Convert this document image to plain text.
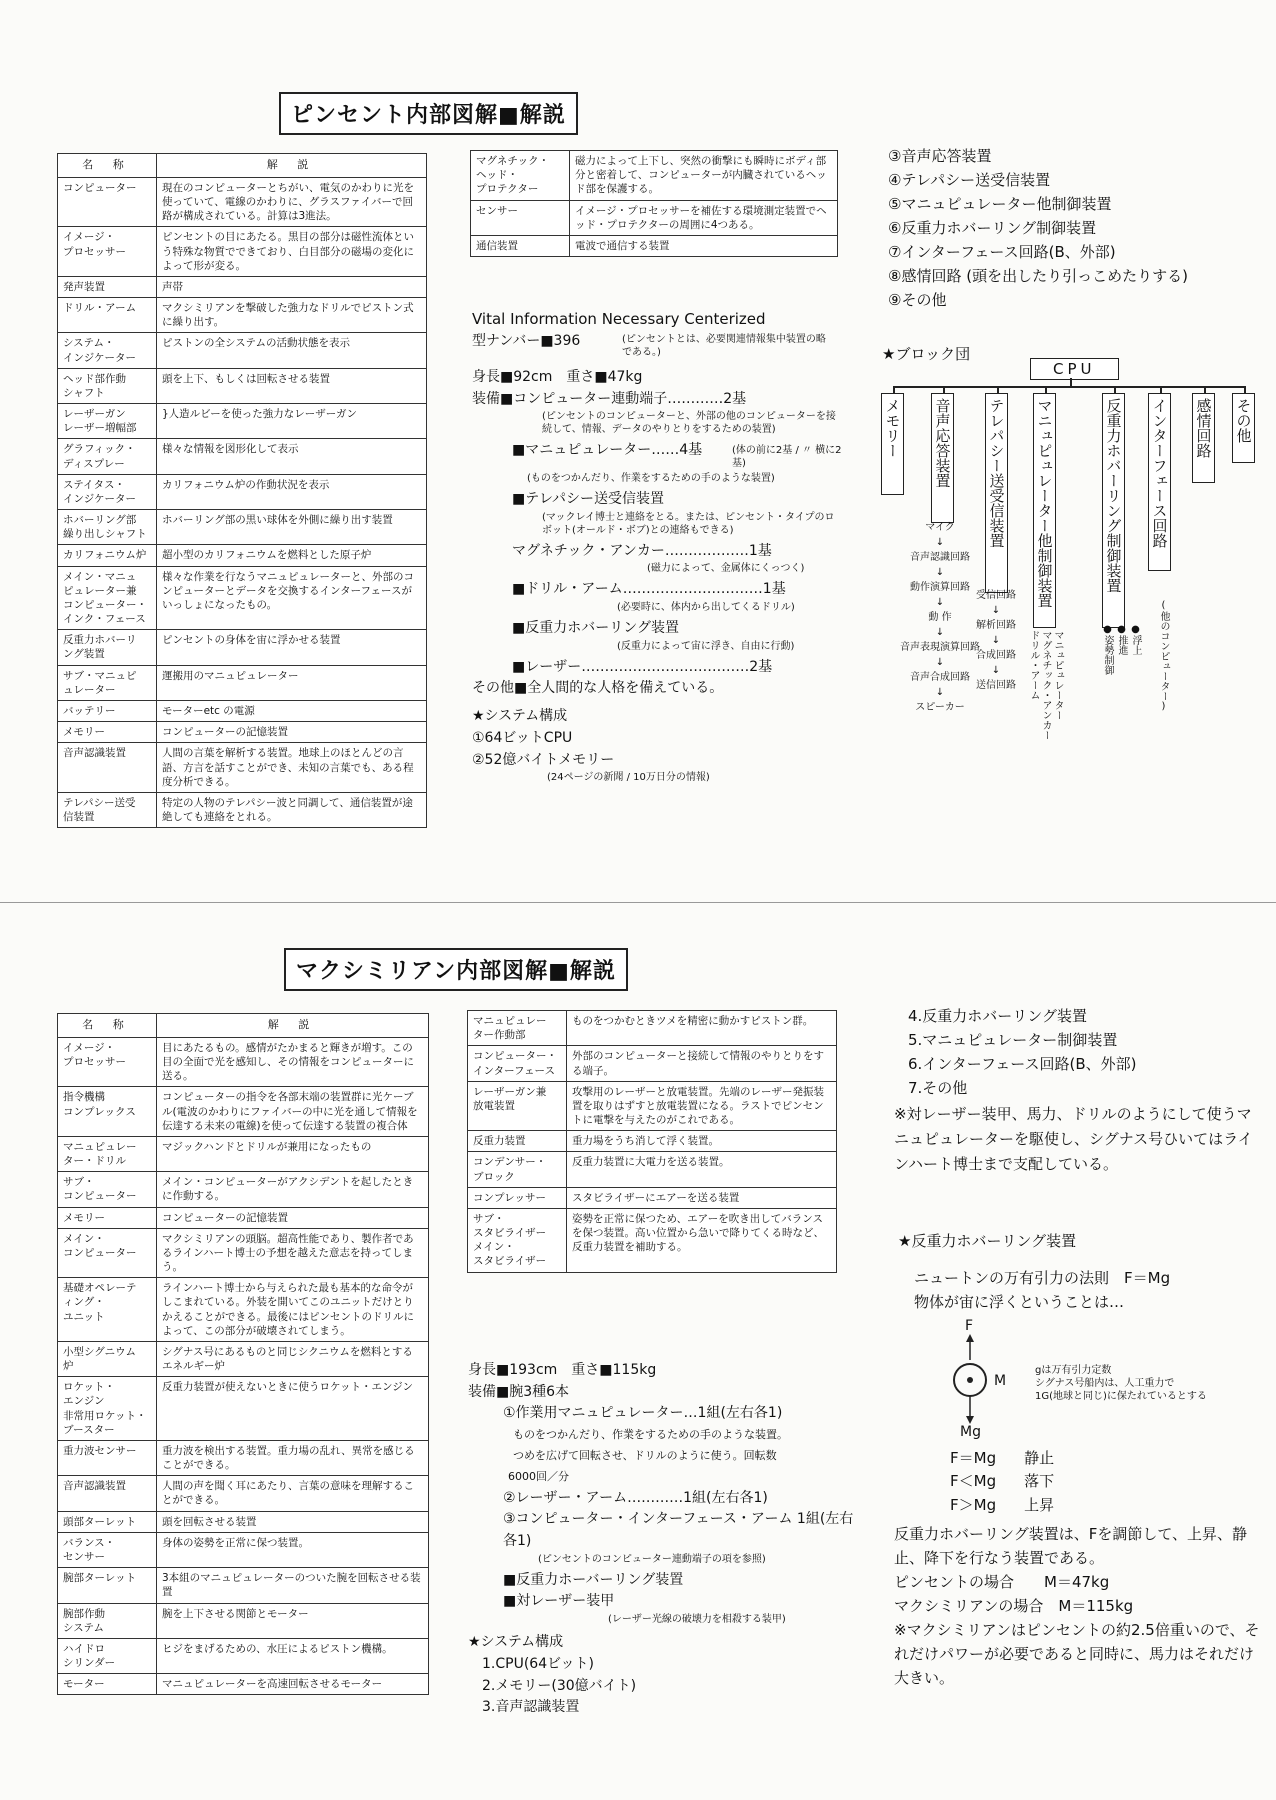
ピンセント内部図解■解説
名 称	解 説
コンピューター	現在のコンピューターとちがい、電気のかわりに光を使っていて、電線のかわりに、グラスファイバーで回路が構成されている。計算は3進法。
イメージ・
プロセッサー	ピンセントの目にあたる。黒目の部分は磁性流体という特殊な物質でできており、白目部分の磁場の変化によって形が変る。
発声装置	声帯
ドリル・アーム	マクシミリアンを撃破した強力なドリルでピストン式に繰り出す。
システム・
インジケーター	ピストンの全システムの活動状態を表示
ヘッド部作動
シャフト	頭を上下、もしくは回転させる装置
レーザーガン
レーザー増幅部	}人造ルビーを使った強力なレーザーガン
グラフィック・
ディスプレー	様々な情報を図形化して表示
ステイタス・
インジケーター	カリフォニウム炉の作動状況を表示
ホバーリング部
繰り出しシャフト	ホバーリング部の黒い球体を外側に繰り出す装置
カリフォニウム炉	超小型のカリフォニウムを燃料とした原子炉
メイン・マニュ
ピュレーター兼
コンピューター・
インク・フェース	様々な作業を行なうマニュピュレーターと、外部のコンピューターとデータを交換するインターフェースがいっしょになったもの。
反重力ホバーリ
ング装置	ピンセントの身体を宙に浮かせる装置
サブ・マニュピ
ュレーター	運搬用のマニュピュレーター
バッテリー	モーターetc の電源
メモリー	コンピューターの記憶装置
音声認識装置	人間の言葉を解析する装置。地球上のほとんどの言語、方言を話すことができ、未知の言葉でも、ある程度分析できる。
テレパシー送受
信装置	特定の人物のテレパシー波と同調して、通信装置が途絶しても連絡をとれる。
マグネチック・
ヘッド・
プロテクター	磁力によって上下し、突然の衝撃にも瞬時にボディ部分と密着して、コンピューターが内臓されているヘッド部を保護する。
センサー	イメージ・プロセッサーを補佐する環境測定装置でヘッド・プロテクターの周囲に4つある。
通信装置	電波で通信する装置
Vital Information Necessary Centerized
型ナンバー■396	(ピンセントとは、必要関連情報集中装置の略である。)
身長■92cm　重さ■47kg
装備■コンピューター連動端子…………2基
(ピンセントのコンピューターと、外部の他のコンピューターを接続して、情報、データのやりとりをするための装置)
■マニュピュレーター……4基	(体の前に2基 / 〃 横に2基)
(ものをつかんだり、作業をするための手のような装置)
■テレパシー送受信装置
(マックレイ博士と連絡をとる。または、ピンセント・タイプのロボット(オールド・ボブ)との連絡もできる)
マグネチック・アンカー………………1基
(磁力によって、金属体にくっつく)
■ドリル・アーム…………………………1基
(必要時に、体内から出してくるドリル)
■反重力ホバーリング装置
(反重力によって宙に浮き、自由に行動)
■レーザー………………………………2基
その他■全人間的な人格を備えている。
★システム構成
①64ビットCPU
②52億バイトメモリー
(24ページの新聞 / 10万日分の情報)
③音声応答装置
④テレパシー送受信装置
⑤マニュピュレーター他制御装置
⑥反重力ホバーリング制御装置
⑦インターフェース回路(B、外部)
⑧感情回路 (頭を出したり引っこめたりする)
⑨その他
★ブロック団
CPU
メモリー 音声応答装置 テレパシー送受信装置 マニュピュレーター他制御装置	反重力ホバーリング制御装置 インターフェース回路 感情回路 その他
マイク
↓
音声認識回路
↓
動作演算回路
↓
動 作
↓
音声表現演算回路
↓
音声合成回路
↓
スピーカー
受信回路
↓
解析回路
↓
合成回路
↓
送信回路	マニュピュレーター
マグネチック・アンカー
ドリル・アーム	●浮上
●推進
●姿勢制御	(他のコンピューター)
マクシミリアン内部図解■解説
名 称	解 説
イメージ・
プロセッサー	目にあたるもの。感情がたかまると輝きが増す。この目の全面で光を感知し、その情報をコンピューターに送る。
指令機構
コンプレックス	コンピューターの指令を各部末端の装置群に光ケーブル(電波のかわりにファイバーの中に光を通して情報を伝達する未来の電線)を使って伝達する装置の複合体
マニュピュレー
ター・ドリル	マジックハンドとドリルが兼用になったもの
サブ・
コンピューター	メイン・コンピューターがアクシデントを起したときに作動する。
メモリー	コンピューターの記憶装置
メイン・
コンピューター	マクシミリアンの頭脳。超高性能であり、製作者であるラインハート博士の予想を越えた意志を持ってしまう。
基礎オペレーテ
ィング・
ユニット	ラインハート博士から与えられた最も基本的な命令がしこまれている。外装を開いてこのユニットだけとりかえることができる。最後にはピンセントのドリルによって、この部分が破壊されてしまう。
小型シグニウム
炉	シグナス号にあるものと同じシクニウムを燃料とするエネルギー炉
ロケット・
エンジン
非常用ロケット・
ブースター	反重力装置が使えないときに使うロケット・エンジン
重力波センサー	重力波を検出する装置。重力場の乱れ、異常を感じることができる。
音声認識装置	人間の声を聞く耳にあたり、言葉の意味を理解することができる。
頭部ターレット	頭を回転させる装置
バランス・
センサー	身体の姿勢を正常に保つ装置。
腕部ターレット	3本組のマニュピュレーターのついた腕を回転させる装置
腕部作動
システム	腕を上下させる関節とモーター
ハイドロ
シリンダー	ヒジをまげるための、水圧によるピストン機構。
モーター	マニュピュレーターを高速回転させるモーター
マニュピュレー
ター作動部	ものをつかむときツメを精密に動かすピストン群。
コンピューター・
インターフェース	外部のコンピューターと接続して情報のやりとりをする端子。
レーザーガン兼
放電装置	攻撃用のレーザーと放電装置。先端のレーザー発振装置を取りはずすと放電装置になる。ラストでピンセントに電撃を与えたのがこれである。
反重力装置	重力場をうち消して浮く装置。
コンデンサー・
ブロック	反重力装置に大電力を送る装置。
コンプレッサー	スタビライザーにエアーを送る装置
サブ・
スタビライザー
メイン・
スタビライザー	姿勢を正常に保つため、エアーを吹き出してバランスを保つ装置。高い位置から急いで降りてくる時など、反重力装置を補助する。
身長■193cm　重さ■115kg
装備■腕3種6本
①作業用マニュピュレーター…1組(左右各1)
ものをつかんだり、作業をするための手のような装置。
つめを広げて回転させ、ドリルのように使う。回転数
6000回／分
②レーザー・アーム…………1組(左右各1)
③コンピューター・インターフェース・アーム 1組(左右各1)
(ピンセントのコンピューター連動端子の項を参照)
■反重力ホーバーリング装置
■対レーザー装甲
(レーザー光線の破壊力を相殺する装甲)
★システム構成
1.CPU(64ビット)
2.メモリー(30億バイト)
3.音声認識装置
4.反重力ホバーリング装置
5.マニュピュレーター制御装置
6.インターフェース回路(B、外部)
7.その他
※対レーザー装甲、馬力、ドリルのようにして使うマニュピュレーターを駆使し、シグナス号ひいてはラインハート博士まで支配している。
★反重力ホバーリング装置
ニュートンの万有引力の法則　F＝Mg
物体が宙に浮くということは…
F
M
Mg
gは万有引力定数
シグナス号船内は、人工重力で
1G(地球と同じ)に保たれているとする
F＝Mg 静止
F＜Mg 落下
F＞Mg 上昇
反重力ホバーリング装置は、Fを調節して、上昇、静止、降下を行なう装置である。
ピンセントの場合　　M＝47kg
マクシミリアンの場合　M＝115kg
※マクシミリアンはピンセントの約2.5倍重いので、それだけパワーが必要であると同時に、馬力はそれだけ大きい。
